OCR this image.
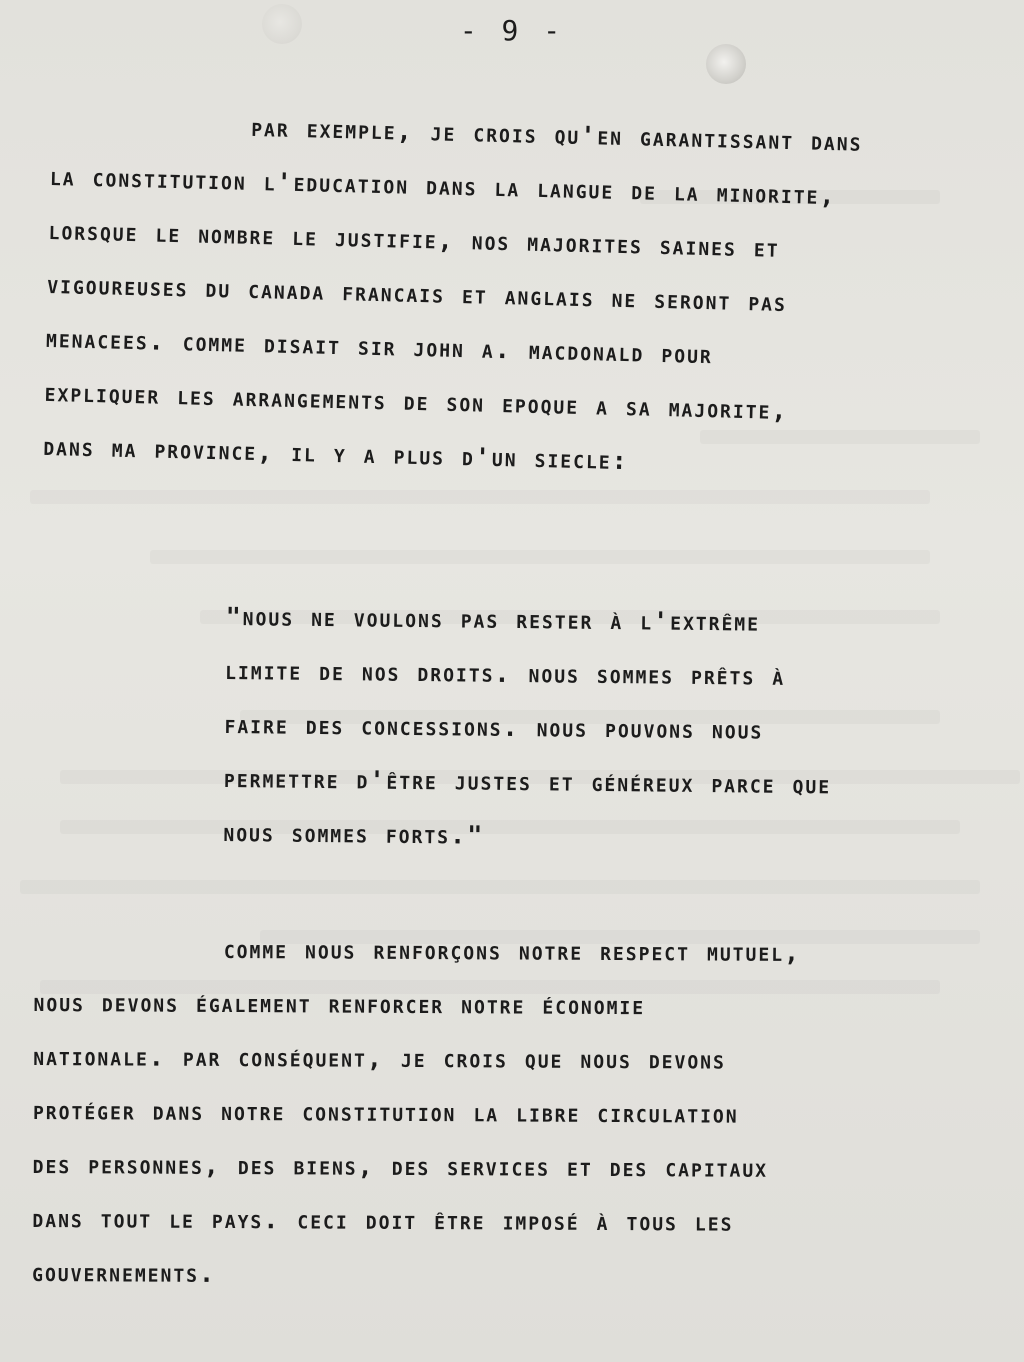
- 9 -
par exemple, je crois qu'en garantissant dans
la constitution l'education dans la langue de la minorite,
lorsque le nombre le justifie, nos majorites saines et
vigoureuses du canada francais et anglais ne seront pas
menacees. comme disait sir john a. macdonald pour
expliquer les arrangements de son epoque a sa majorite,
dans ma province, il y a plus d'un siecle:
"nous ne voulons pas rester à l'extrême
limite de nos droits. nous sommes prêts à
faire des concessions. nous pouvons nous
permettre d'être justes et généreux parce que
nous sommes forts."
comme nous renforçons notre respect mutuel,
nous devons également renforcer notre économie
nationale. par conséquent, je crois que nous devons
protéger dans notre constitution la libre circulation
des personnes, des biens, des services et des capitaux
dans tout le pays. ceci doit être imposé à tous les
gouvernements.
